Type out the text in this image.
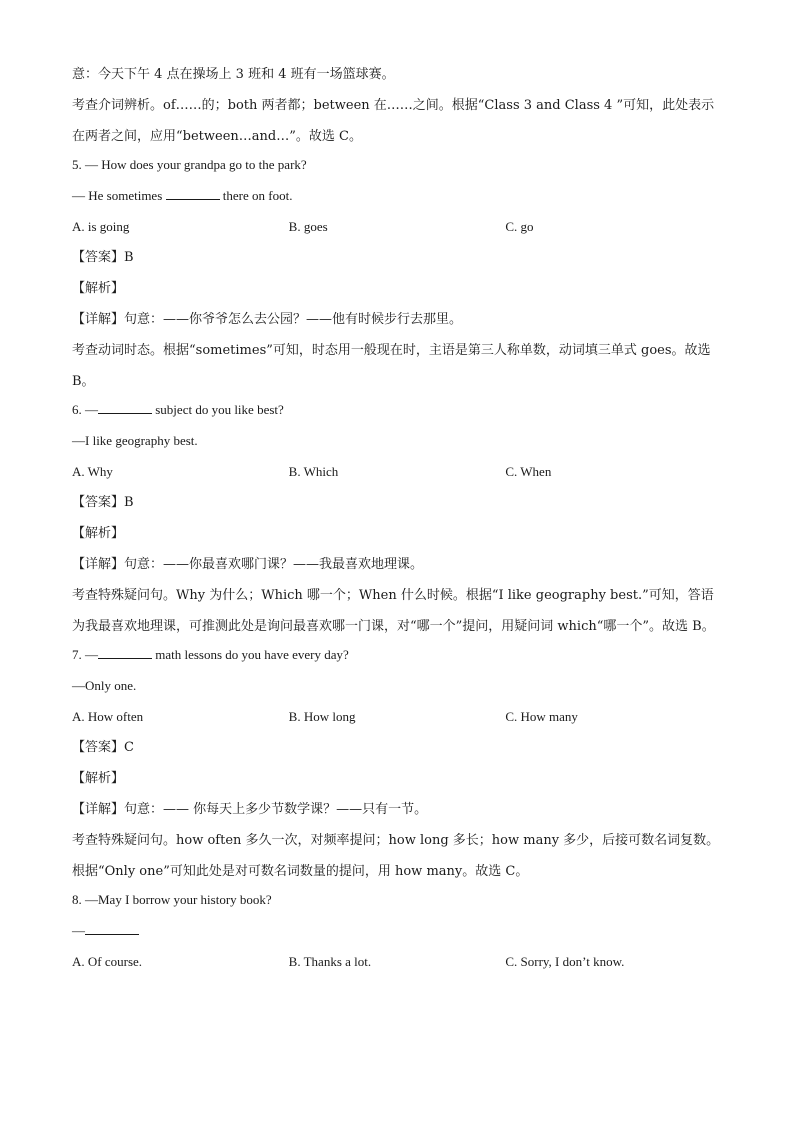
意：今天下午 4 点在操场上 3 班和 4 班有一场篮球赛。
考查介词辨析。of……的；both 两者都；between 在……之间。根据“Class 3 and Class 4 ”可知，此处表示在两者之间，应用“between…and…”。故选 C。
5. — How does your grandpa go to the park?
— He sometimes	there on foot.
A. is going	B. goes	C. go
【答案】B
【解析】
【详解】句意：——你爷爷怎么去公园？——他有时候步行去那里。
考查动词时态。根据“sometimes”可知，时态用一般现在时，主语是第三人称单数，动词填三单式 goes。故选 B。
6. —	subject do you like best?
—I like geography best.
A. Why	B. Which	C. When
【答案】B
【解析】
【详解】句意：——你最喜欢哪门课？——我最喜欢地理课。
考查特殊疑问句。Why 为什么；Which 哪一个；When 什么时候。根据“I like geography best.”可知，答语为我最喜欢地理课，可推测此处是询问最喜欢哪一门课，对“哪一个”提问，用疑问词 which“哪一个”。故选 B。
7. —	math lessons do you have every day?
—Only one.
A. How often	B. How long	C. How many
【答案】C
【解析】
【详解】句意：—— 你每天上多少节数学课？——只有一节。
考查特殊疑问句。how often 多久一次，对频率提问；how long 多长；how many 多少，后接可数名词复数。根据“Only one”可知此处是对可数名词数量的提问，用 how many。故选 C。
8. —May I borrow your history book?
—
A. Of course.	B. Thanks a lot.	C. Sorry, I don’t know.
